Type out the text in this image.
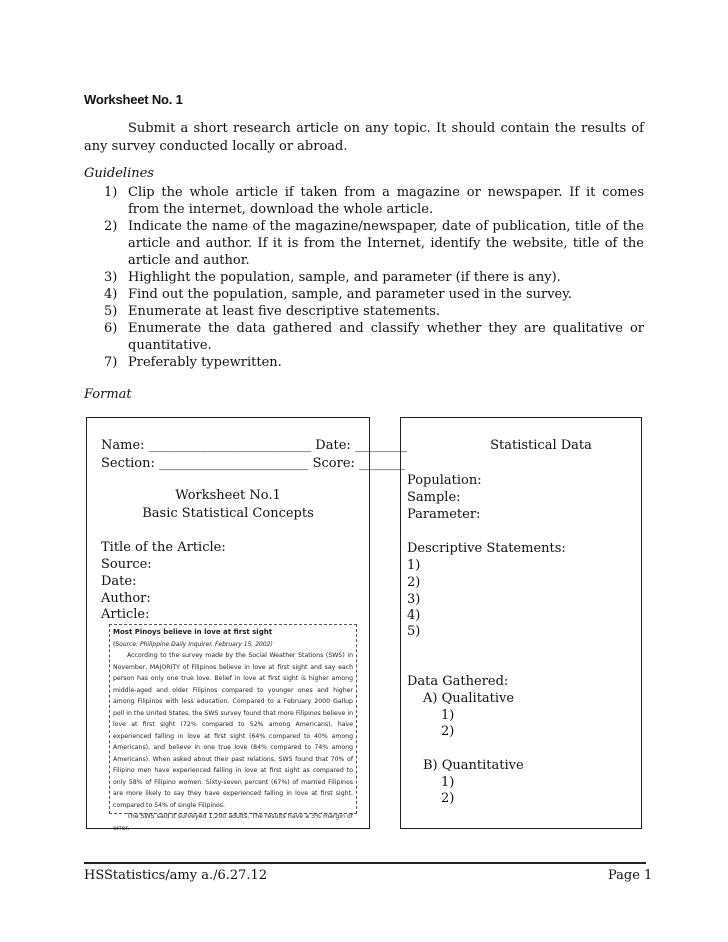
Worksheet No. 1
Submit a short research article on any topic. It should contain the results of any survey conducted locally or abroad.
Guidelines
1) Clip the whole article if taken from a magazine or newspaper. If it comes from the internet, download the whole article.
2) Indicate the name of the magazine/newspaper, date of publication, title of the article and author. If it is from the Internet, identify the website, title of the article and author.
3) Highlight the population, sample, and parameter (if there is any).
4) Find out the population, sample, and parameter used in the survey.
5) Enumerate at least five descriptive statements.
6) Enumerate the data gathered and classify whether they are qualitative or quantitative.
7) Preferably typewritten.
Format
Name: _________________________ Date: ________
Section: _______________________ Score: _______
Worksheet No.1
Basic Statistical Concepts
Title of the Article:
Source:
Date:
Author:
Article:
Most Pinoys believe in love at first sight
(Source: Philippine Daily Inquirer, February 15, 2002)

According to the survey made by the Social Weather Stations (SWS) in November, MAJORITY of Filipinos believe in love at first sight and say each person has only one true love. Belief in love at first sight is higher among middle-aged and older Filipinos compared to younger ones and higher among Filipinos with less education. Compared to a February 2000 Gallup poll in the United States, the SWS survey found that more Filipinos believe in love at first sight (72% compared to 52% among Americans), have experienced falling in love at first sight (64% compared to 40% among Americans), and believe in one true love (84% compared to 74% among Americans). When asked about their past relations, SWS found that 70% of Filipino men have experienced falling in love at first sight as compared to only 58% of Filipino women. Sixty-seven percent (67%) of married Filipinos are more likely to say they have experienced falling in love at first sight, compared to 54% of single Filipinos.

The SWS said it surveyed 1,200 adults. The results have a 3% margin of error.

Statistical Data
Population:
Sample:
Parameter:
Descriptive Statements:
1)
2)
3)
4)
5)
Data Gathered:
A) Qualitative
1)
2)
B) Quantitative
1)
2)
HSStatistics/amy a./6.27.12	Page 1
